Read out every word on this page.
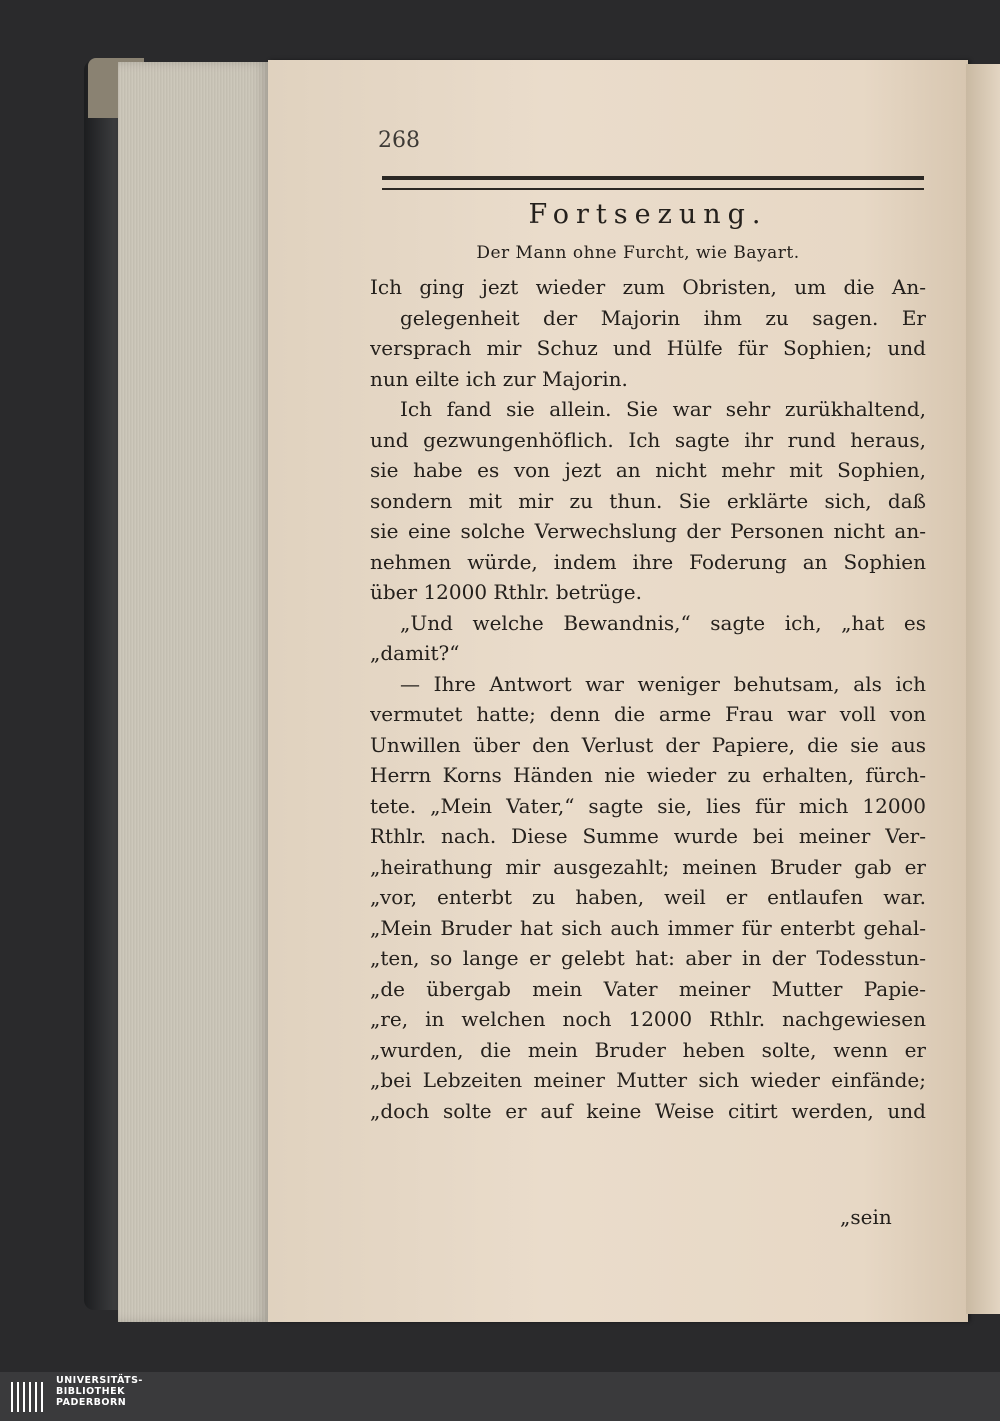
268
Fortsezung.
Der Mann ohne Furcht, wie Bayart.
Ich ging jezt wieder zum Obristen, um die An-
gelegenheit der Majorin ihm zu sagen. Er
versprach mir Schuz und Hülfe für Sophien; und
nun eilte ich zur Majorin.
Ich fand sie allein. Sie war sehr zurükhaltend,
und gezwungenhöflich. Ich sagte ihr rund heraus,
sie habe es von jezt an nicht mehr mit Sophien,
sondern mit mir zu thun. Sie erklärte sich, daß
sie eine solche Verwechslung der Personen nicht an-
nehmen würde, indem ihre Foderung an Sophien
über 12000 Rthlr. betrüge.
„Und welche Bewandnis,“ sagte ich, „hat es
„damit?“
— Ihre Antwort war weniger behutsam, als ich
vermutet hatte; denn die arme Frau war voll von
Unwillen über den Verlust der Papiere, die sie aus
Herrn Korns Händen nie wieder zu erhalten, fürch-
tete. „Mein Vater,“ sagte sie, lies für mich 12000
Rthlr. nach. Diese Summe wurde bei meiner Ver-
„heirathung mir ausgezahlt; meinen Bruder gab er
„vor, enterbt zu haben, weil er entlaufen war.
„Mein Bruder hat sich auch immer für enterbt gehal-
„ten, so lange er gelebt hat: aber in der Todesstun-
„de übergab mein Vater meiner Mutter Papie-
„re, in welchen noch 12000 Rthlr. nachgewiesen
„wurden, die mein Bruder heben solte, wenn er
„bei Lebzeiten meiner Mutter sich wieder einfände;
„doch solte er auf keine Weise citirt werden, und
„sein
UNIVERSITÄTS-
BIBLIOTHEK
PADERBORN
